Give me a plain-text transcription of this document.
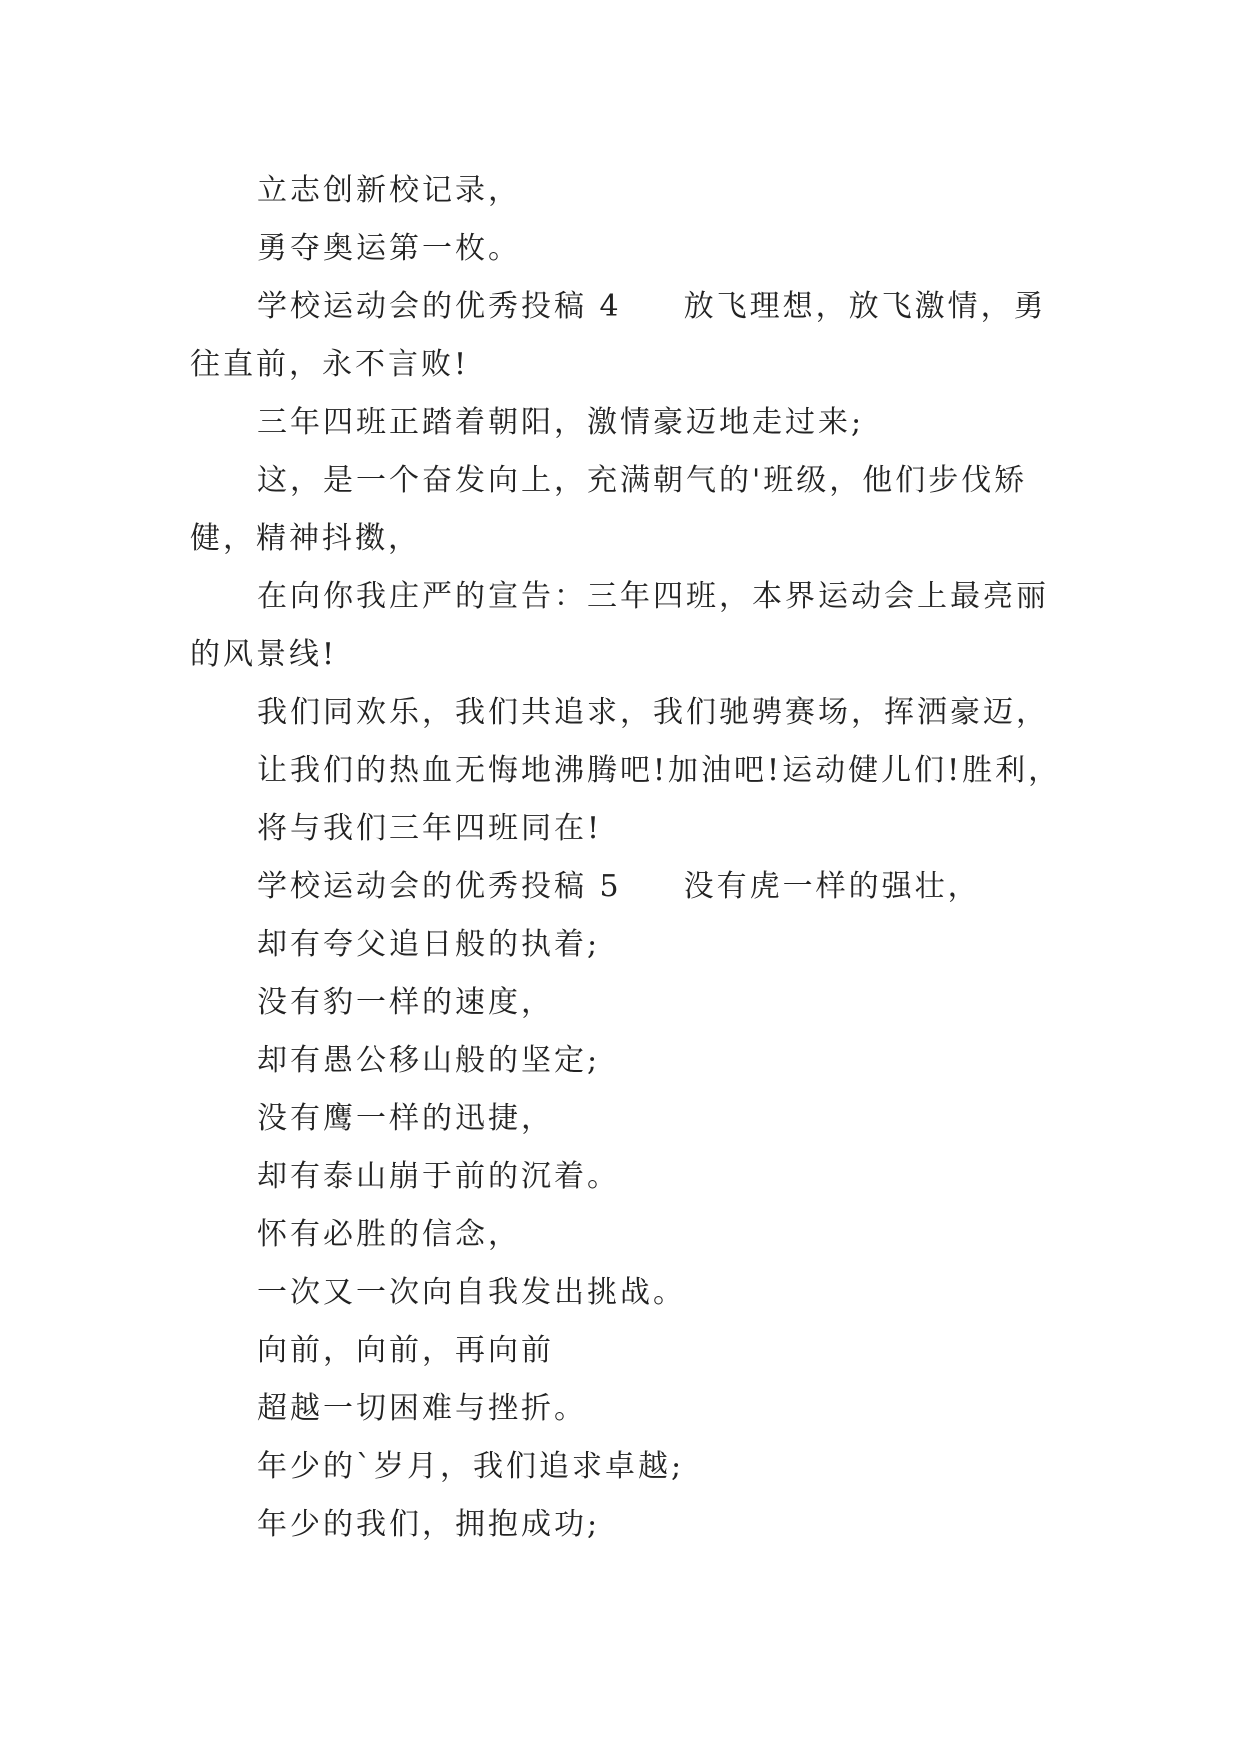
立志创新校记录，
勇夺奥运第一枚。
学校运动会的优秀投稿 4 放飞理想，放飞激情，勇
往直前，永不言败!
三年四班正踏着朝阳，激情豪迈地走过来;
这，是一个奋发向上，充满朝气的'班级，他们步伐矫
健，精神抖擞，
在向你我庄严的宣告：三年四班，本界运动会上最亮丽
的风景线!
我们同欢乐，我们共追求，我们驰骋赛场，挥洒豪迈，
让我们的热血无悔地沸腾吧!加油吧!运动健儿们!胜利，
将与我们三年四班同在!
学校运动会的优秀投稿 5 没有虎一样的强壮，
却有夸父追日般的执着;
没有豹一样的速度，
却有愚公移山般的坚定;
没有鹰一样的迅捷，
却有泰山崩于前的沉着。
怀有必胜的信念，
一次又一次向自我发出挑战。
向前，向前，再向前
超越一切困难与挫折。
年少的`岁月，我们追求卓越;
年少的我们，拥抱成功;
